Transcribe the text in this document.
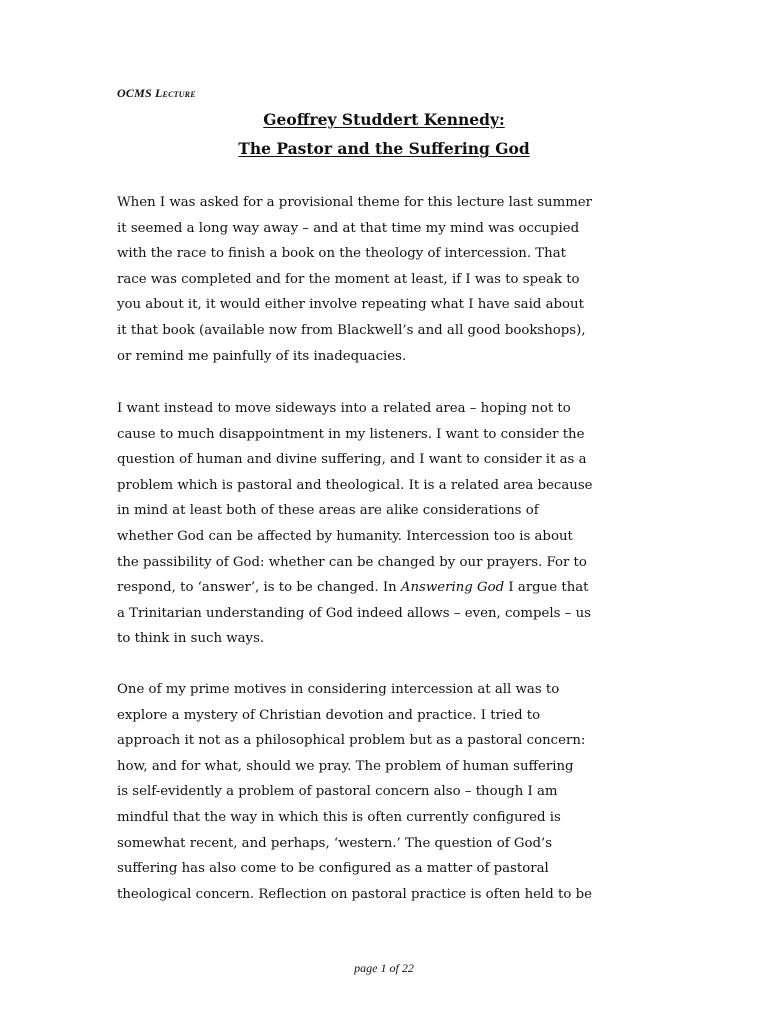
OCMS Lecture
Geoffrey Studdert Kennedy:
The Pastor and the Suffering God
When I was asked for a provisional theme for this lecture last summer
it seemed a long way away – and at that time my mind was occupied
with the race to finish a book on the theology of intercession. That
race was completed and for the moment at least, if I was to speak to
you about it, it would either involve repeating what I have said about
it that book (available now from Blackwell’s and all good bookshops),
or remind me painfully of its inadequacies.
I want instead to move sideways into a related area – hoping not to
cause to much disappointment in my listeners. I want to consider the
question of human and divine suffering, and I want to consider it as a
problem which is pastoral and theological. It is a related area because
in mind at least both of these areas are alike considerations of
whether God can be affected by humanity. Intercession too is about
the passibility of God: whether can be changed by our prayers. For to
respond, to ‘answer’, is to be changed. In Answering God I argue that
a Trinitarian understanding of God indeed allows – even, compels – us
to think in such ways.
One of my prime motives in considering intercession at all was to
explore a mystery of Christian devotion and practice. I tried to
approach it not as a philosophical problem but as a pastoral concern:
how, and for what, should we pray. The problem of human suffering
is self-evidently a problem of pastoral concern also – though I am
mindful that the way in which this is often currently configured is
somewhat recent, and perhaps, ‘western.’ The question of God’s
suffering has also come to be configured as a matter of pastoral
theological concern. Reflection on pastoral practice is often held to be
page 1 of 22
